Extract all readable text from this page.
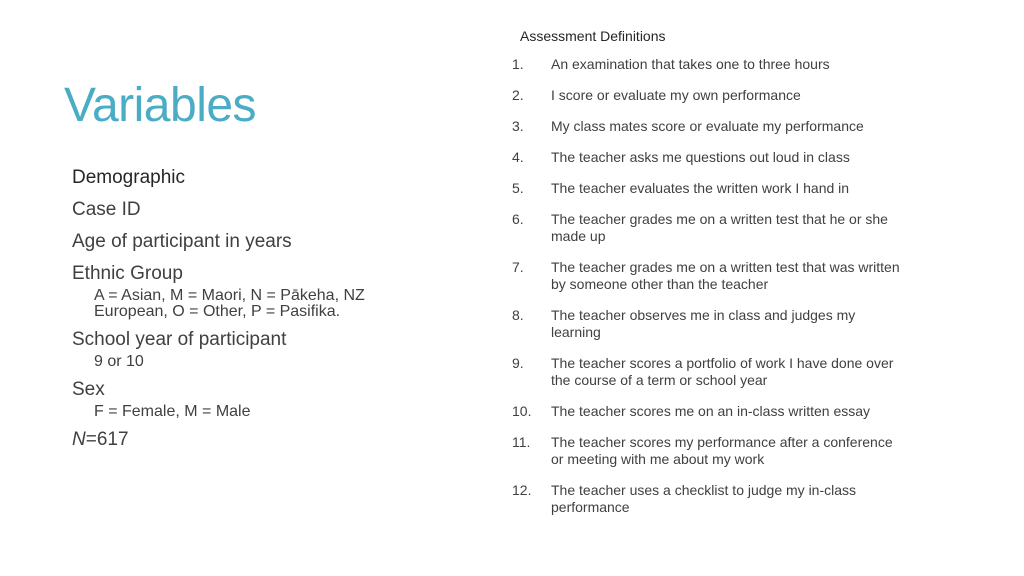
Variables
Demographic
Case ID
Age of participant in years
Ethnic Group
A = Asian, M = Maori, N = Pākeha, NZ European, O = Other, P = Pasifika.
School year of participant
9 or 10
Sex
F = Female, M = Male
N=617
Assessment Definitions
1.	An examination that takes one to three hours
2.	I score or evaluate my own performance
3.	My class mates score or evaluate my performance
4.	The teacher asks me questions out loud in class
5.	The teacher evaluates the written work I hand in
6.	The teacher grades me on a written test that he or she made up
7.	The teacher grades me on a written test that was written by someone other than the teacher
8.	The teacher observes me in class and judges my learning
9.	The teacher scores a portfolio of work I have done over the course of a term or school year
10.	The teacher scores me on an in-class written essay
11.	The teacher scores my performance after a conference or meeting with me about my work
12.	The teacher uses a checklist to judge my in-class performance
